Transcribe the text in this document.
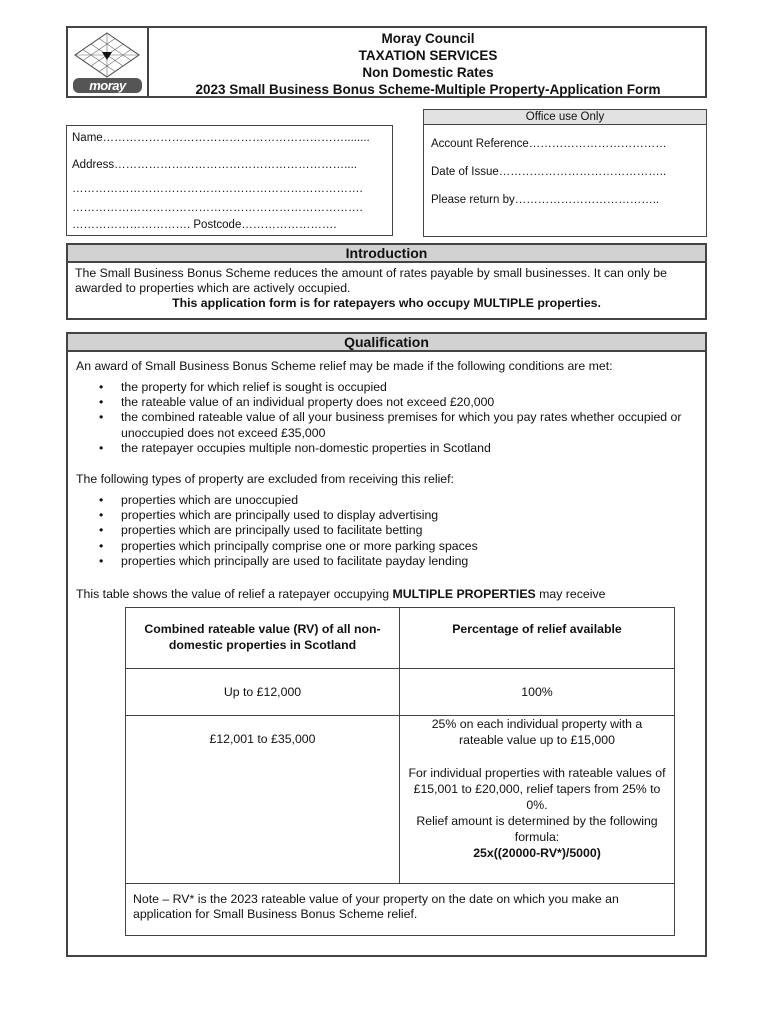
moray
Moray Council
TAXATION SERVICES
Non Domestic Rates
2023 Small Business Bonus Scheme-Multiple Property-Application Form
Name………………………………………………………........
Address……………………………………………………....
………………………………………………………………….
………………………………………………………………….
…………………………. Postcode…………………….
Office use Only
Account Reference………………………………
Date of Issue……………………………………..
Please return by………………………………..
Introduction
The Small Business Bonus Scheme reduces the amount of rates payable by small businesses. It can only be awarded to properties which are actively occupied.
This application form is for ratepayers who occupy MULTIPLE properties.
Qualification
An award of Small Business Bonus Scheme relief may be made if the following conditions are met:
• the property for which relief is sought is occupied
• the rateable value of an individual property does not exceed £20,000
• the combined rateable value of all your business premises for which you pay rates whether occupied or unoccupied does not exceed £35,000
• the ratepayer occupies multiple non-domestic properties in Scotland
The following types of property are excluded from receiving this relief:
• properties which are unoccupied
• properties which are principally used to display advertising
• properties which are principally used to facilitate betting
• properties which principally comprise one or more parking spaces
• properties which principally are used to facilitate payday lending
This table shows the value of relief a ratepayer occupying MULTIPLE PROPERTIES may receive
Combined rateable value (RV) of all non-domestic properties in Scotland	Percentage of relief available
Up to £12,000	100%
£12,001 to £35,000	25% on each individual property with a rateable value up to £15,000
For individual properties with rateable values of £15,001 to £20,000, relief tapers from 25% to 0%.
Relief amount is determined by the following formula:
25x((20000-RV*)/5000)

Note – RV* is the 2023 rateable value of your property on the date on which you make an application for Small Business Bonus Scheme relief.	
